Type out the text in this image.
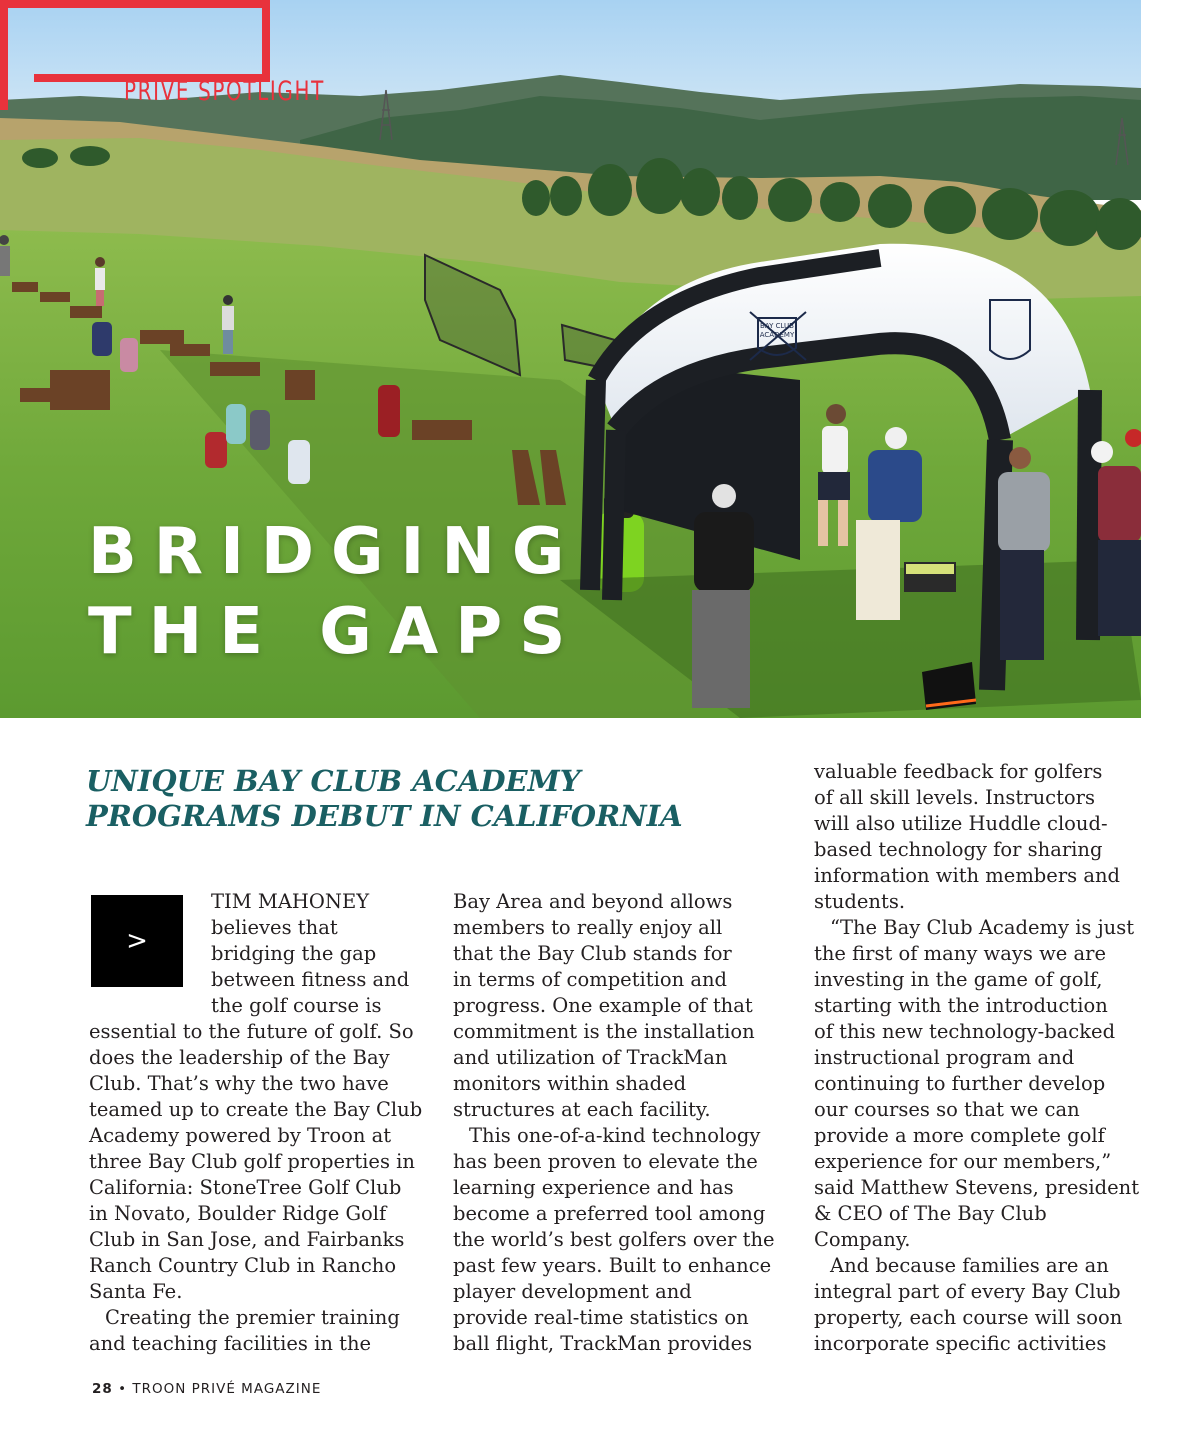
BAY CLUB
ACADEMY
PRIVÉ SPOTLIGHT
BRIDGING
THE GAPS
UNIQUE BAY CLUB ACADEMY
PROGRAMS DEBUT IN CALIFORNIA
>
TIM MAHONEY
believes that
bridging the gap
between fitness and
the golf course is
essential to the future of golf. So
does the leadership of the Bay
Club. That’s why the two have
teamed up to create the Bay Club
Academy powered by Troon at
three Bay Club golf properties in
California: StoneTree Golf Club
in Novato, Boulder Ridge Golf
Club in San Jose, and Fairbanks
Ranch Country Club in Rancho
Santa Fe.
Creating the premier training
and teaching facilities in the
Bay Area and beyond allows
members to really enjoy all
that the Bay Club stands for
in terms of competition and
progress. One example of that
commitment is the installation
and utilization of TrackMan
monitors within shaded
structures at each facility.
This one-of-a-kind technology
has been proven to elevate the
learning experience and has
become a preferred tool among
the world’s best golfers over the
past few years. Built to enhance
player development and
provide real-time statistics on
ball flight, TrackMan provides
valuable feedback for golfers
of all skill levels. Instructors
will also utilize Huddle cloud-
based technology for sharing
information with members and
students.
“The Bay Club Academy is just
the first of many ways we are
investing in the game of golf,
starting with the introduction
of this new technology-backed
instructional program and
continuing to further develop
our courses so that we can
provide a more complete golf
experience for our members,”
said Matthew Stevens, president
& CEO of The Bay Club
Company.
And because families are an
integral part of every Bay Club
property, each course will soon
incorporate specific activities
28 • TROON PRIVÉ MAGAZINE
